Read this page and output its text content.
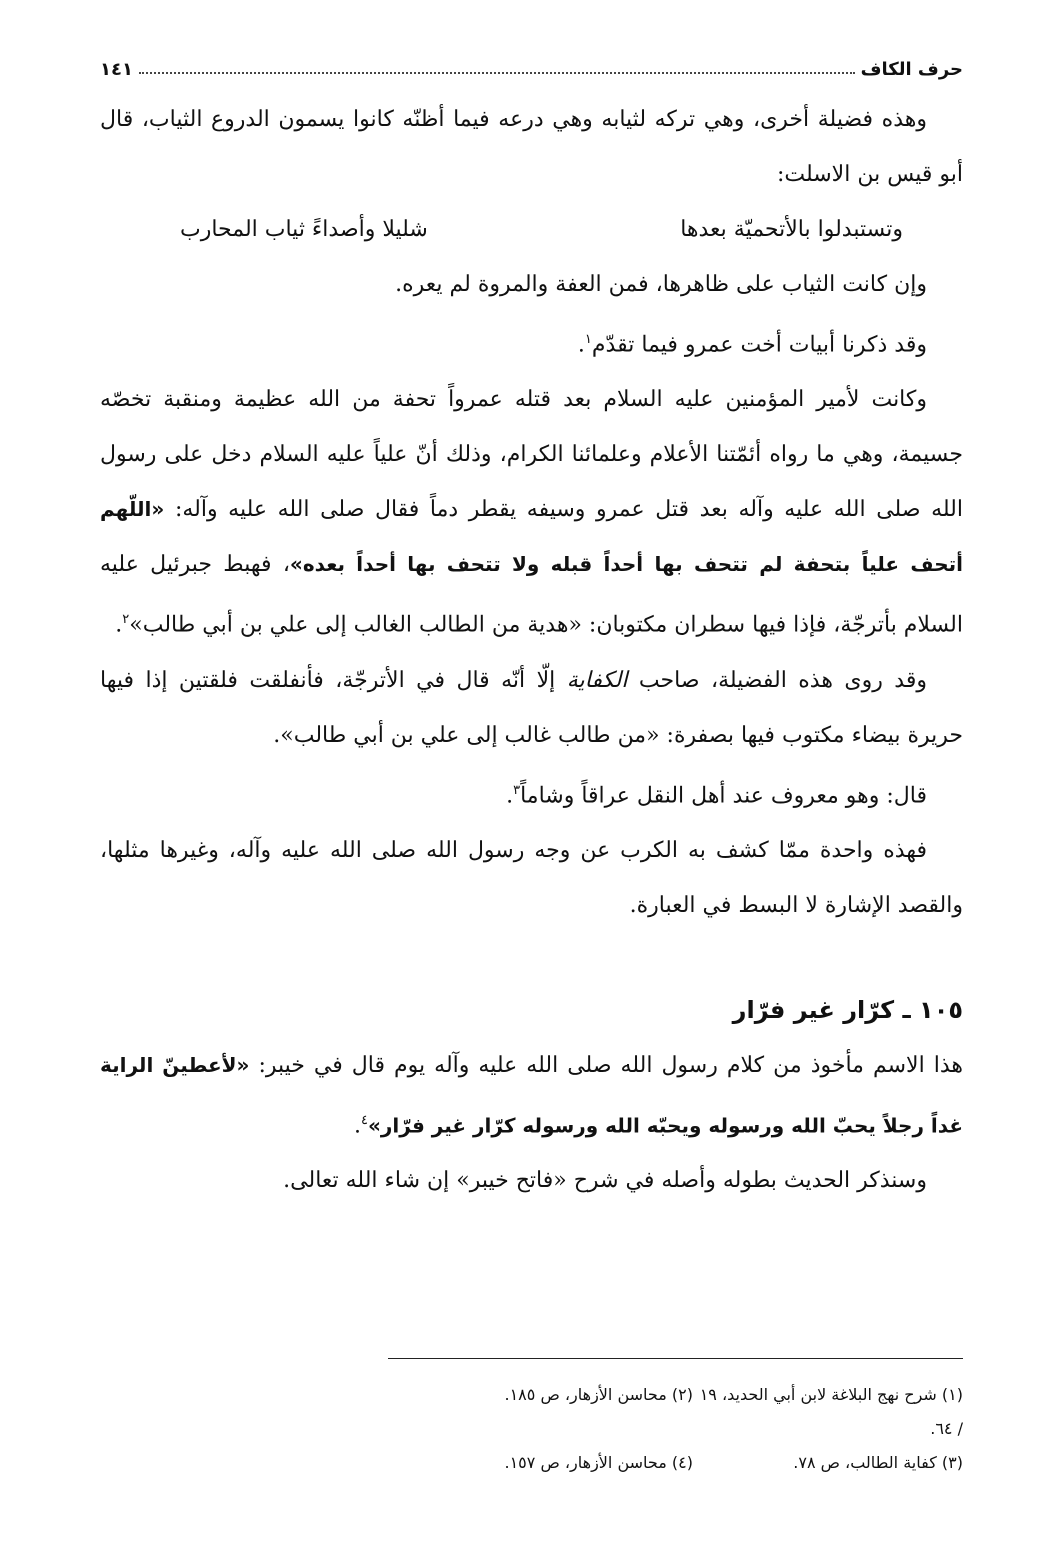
حرف الكاف
١٤١

وهذه فضيلة أخرى، وهي تركه لثيابه وهي درعه فيما أظنّه كانوا يسمون الدروع الثياب، قال أبو قيس بن الاسلت:

وتستبدلوا بالأتحميّة بعدها
شليلا وأصداءً ثياب المحارب

وإن كانت الثياب على ظاهرها، فمن العفة والمروة لم يعره.

وقد ذكرنا أبيات أخت عمرو فيما تقدّم$^١$.

وكانت لأمير المؤمنين عليه السلام بعد قتله عمرواً تحفة من الله عظيمة ومنقبة تخصّه جسيمة، وهي ما رواه أئمّتنا الأعلام وعلمائنا الكرام، وذلك أنّ علياً عليه السلام دخل على رسول الله صلى الله عليه وآله بعد قتل عمرو وسيفه يقطر دماً فقال صلى الله عليه وآله: «اللّهم أتحف علياً بتحفة لم تتحف بها أحداً قبله ولا تتحف بها أحداً بعده»، فهبط جبرئيل عليه السلام بأترجّة، فإذا فيها سطران مكتوبان: «هدية من الطالب الغالب إلى علي بن أبي طالب»$^٢$.

وقد روى هذه الفضيلة، صاحب الكفاية إلّا أنّه قال في الأترجّة، فأنفلقت فلقتين إذا فيها حريرة بيضاء مكتوب فيها بصفرة: «من طالب غالب إلى علي بن أبي طالب».

قال: وهو معروف عند أهل النقل عراقاً وشاماً$^٣$.

فهذه واحدة ممّا كشف به الكرب عن وجه رسول الله صلى الله عليه وآله، وغيرها مثلها، والقصد الإشارة لا البسط في العبارة.

١٠٥ ـ كرّار غير فرّار

هذا الاسم مأخوذ من كلام رسول الله صلى الله عليه وآله يوم قال في خيبر: «لأعطينّ الراية غداً رجلاً يحبّ الله ورسوله ويحبّه الله ورسوله كرّار غير فرّار»$^٤$.

وسنذكر الحديث بطوله وأصله في شرح «فاتح خيبر» إن شاء الله تعالى.

(١) شرح نهج البلاغة لابن أبي الحديد، ١٩ / ٦٤.
(٢) محاسن الأزهار، ص ١٨٥.
(٣) كفاية الطالب، ص ٧٨.
(٤) محاسن الأزهار، ص ١٥٧.
